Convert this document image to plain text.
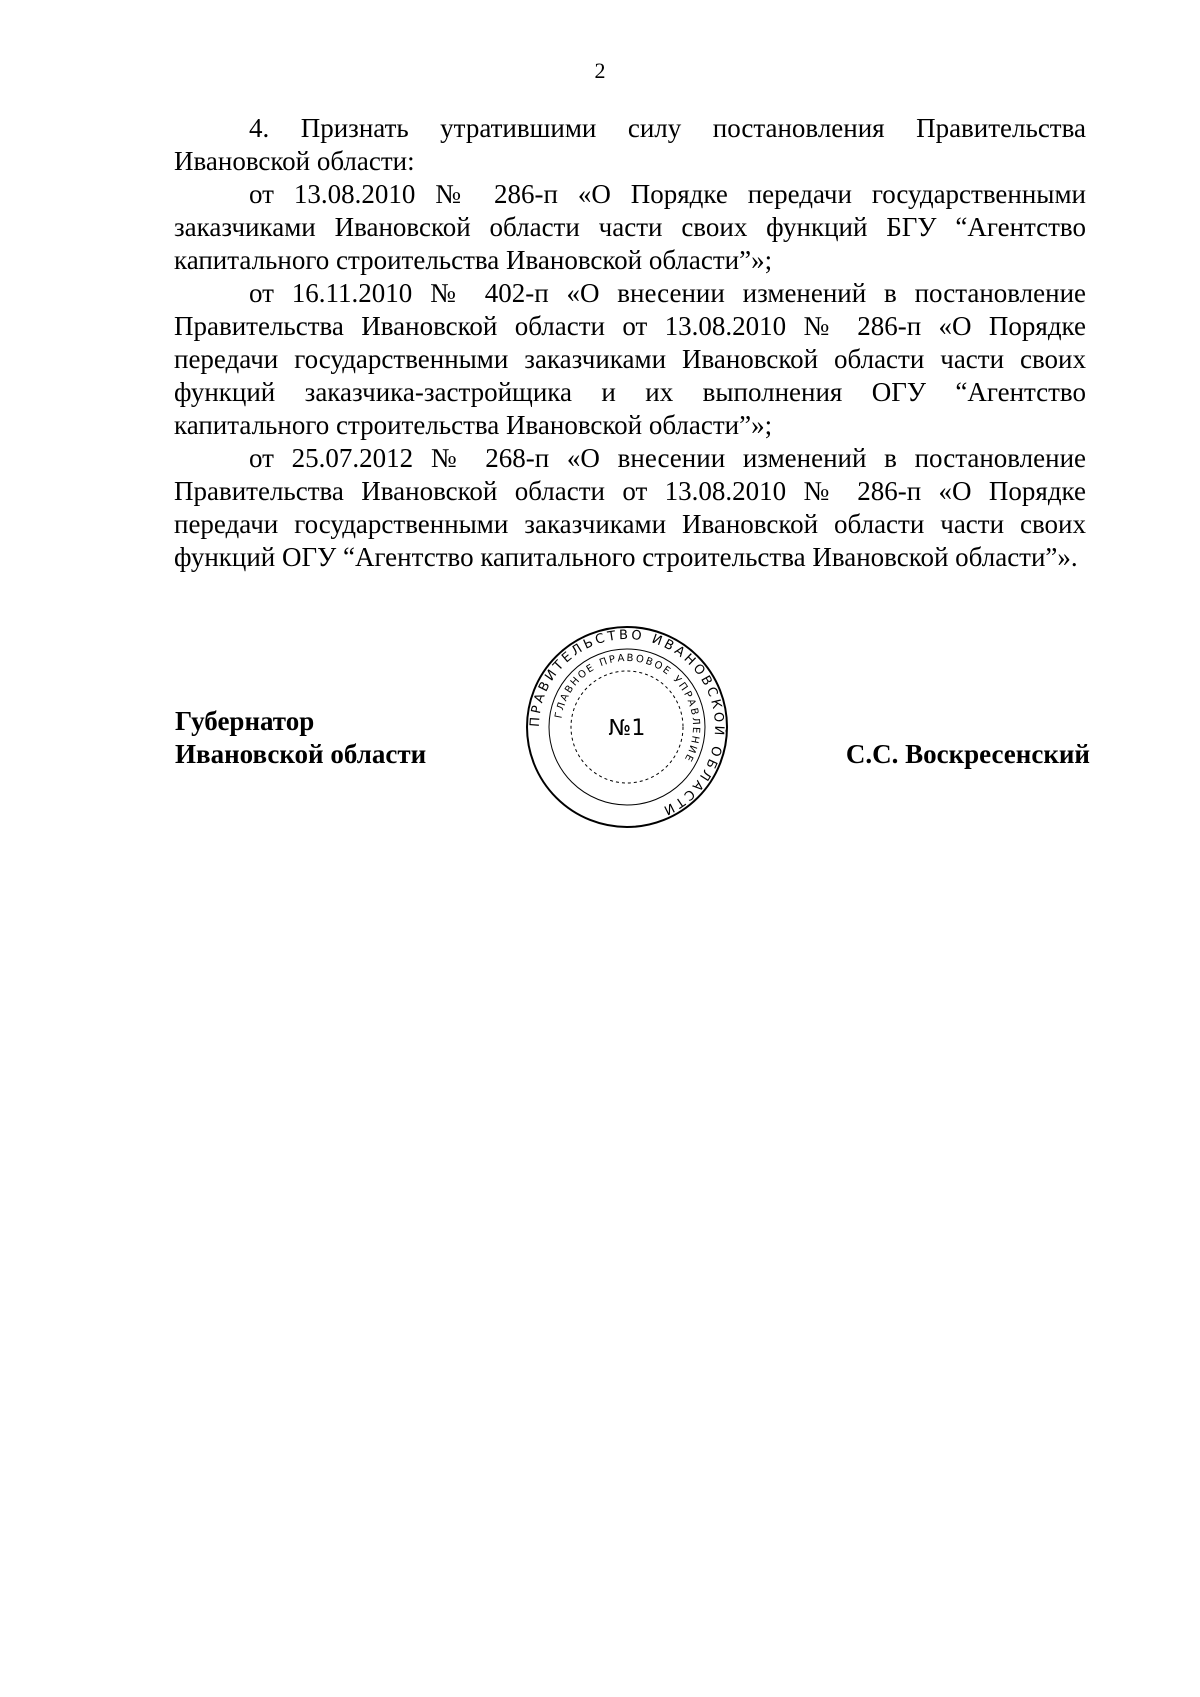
2

4. Признать утратившими силу постановления Правительства Ивановской области:

от 13.08.2010 № 286-п «О Порядке передачи государственными заказчиками Ивановской области части своих функций БГУ “Агентство капитального строительства Ивановской области”»;

от 16.11.2010 № 402-п «О внесении изменений в постановление Правительства Ивановской области от 13.08.2010 № 286-п «О Порядке передачи государственными заказчиками Ивановской области части своих функций заказчика-застройщика и их выполнения ОГУ “Агентство капитального строительства Ивановской области”»;

от 25.07.2012 № 268-п «О внесении изменений в постановление Правительства Ивановской области от 13.08.2010 № 286-п «О Порядке передачи государственными заказчиками Ивановской области части своих функций ОГУ “Агентство капитального строительства Ивановской области”».

Губернатор
Ивановской области	С.С. Воскресенский
ПРАВИТЕЛЬСТВО ИВАНОВСКОЙ ОБЛАСТИ
ГЛАВНОЕ ПРАВОВОЕ УПРАВЛЕНИЕ
№1
